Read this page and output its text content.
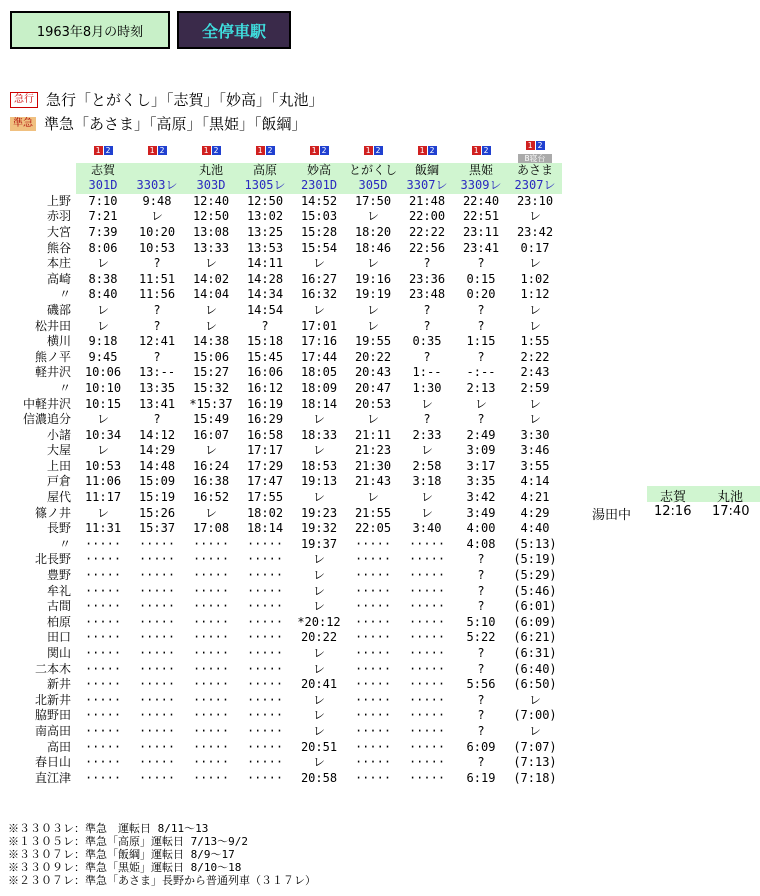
1963年8月の時刻	全停車駅
急行 急行「とがくし」「志賀」「妙高」「丸池」
準急 準急「あさま」「高原」「黒姫」「飯綱」
	1 2	1 2	1 2	1 2	1 2	1 2	1 2	1 2	1 2
B寝台

	志賀		丸池	高原	妙高	とがくし	飯綱	黒姫	あさま
	301D	3303レ	303D	1305レ	2301D	305D	3307レ	3309レ	2307レ
上野	7:10	9:48	12:40	12:50	14:52	17:50	21:48	22:40	23:10
赤羽	7:21	レ	12:50	13:02	15:03	レ	22:00	22:51	レ
大宮	7:39	10:20	13:08	13:25	15:28	18:20	22:22	23:11	23:42
熊谷	8:06	10:53	13:33	13:53	15:54	18:46	22:56	23:41	0:17
本庄	レ	?	レ	14:11	レ	レ	?	?	レ
高崎	8:38	11:51	14:02	14:28	16:27	19:16	23:36	0:15	1:02
〃	8:40	11:56	14:04	14:34	16:32	19:19	23:48	0:20	1:12
磯部	レ	?	レ	14:54	レ	レ	?	?	レ
松井田	レ	?	レ	?	17:01	レ	?	?	レ
横川	9:18	12:41	14:38	15:18	17:16	19:55	0:35	1:15	1:55
熊ノ平	9:45	?	15:06	15:45	17:44	20:22	?	?	2:22
軽井沢	10:06	13:--	15:27	16:06	18:05	20:43	1:--	-:--	2:43
〃	10:10	13:35	15:32	16:12	18:09	20:47	1:30	2:13	2:59
中軽井沢	10:15	13:41	*15:37	16:19	18:14	20:53	レ	レ	レ
信濃追分	レ	?	15:49	16:29	レ	レ	?	?	レ
小諸	10:34	14:12	16:07	16:58	18:33	21:11	2:33	2:49	3:30
大屋	レ	14:29	レ	17:17	レ	21:23	レ	3:09	3:46
上田	10:53	14:48	16:24	17:29	18:53	21:30	2:58	3:17	3:55
戸倉	11:06	15:09	16:38	17:47	19:13	21:43	3:18	3:35	4:14
屋代	11:17	15:19	16:52	17:55	レ	レ	レ	3:42	4:21
篠ノ井	レ	15:26	レ	18:02	19:23	21:55	レ	3:49	4:29
長野	11:31	15:37	17:08	18:14	19:32	22:05	3:40	4:00	4:40
〃	·····	·····	·····	·····	19:37	·····	·····	4:08	(5:13)
北長野	·····	·····	·····	·····	レ	·····	·····	?	(5:19)
豊野	·····	·····	·····	·····	レ	·····	·····	?	(5:29)
牟礼	·····	·····	·····	·····	レ	·····	·····	?	(5:46)
古間	·····	·····	·····	·····	レ	·····	·····	?	(6:01)
柏原	·····	·····	·····	·····	*20:12	·····	·····	5:10	(6:09)
田口	·····	·····	·····	·····	20:22	·····	·····	5:22	(6:21)
関山	·····	·····	·····	·····	レ	·····	·····	?	(6:31)
二本木	·····	·····	·····	·····	レ	·····	·····	?	(6:40)
新井	·····	·····	·····	·····	20:41	·····	·····	5:56	(6:50)
北新井	·····	·····	·····	·····	レ	·····	·····	?	レ
脇野田	·····	·····	·····	·····	レ	·····	·····	?	(7:00)
南高田	·····	·····	·····	·····	レ	·····	·····	?	レ
高田	·····	·····	·····	·····	20:51	·····	·····	6:09	(7:07)
春日山	·····	·····	·····	·····	レ	·····	·····	?	(7:13)
直江津	·····	·····	·····	·····	20:58	·····	·····	6:19	(7:18)
志賀 丸池
湯田中 12:16 17:40
※３３０３レ：準急　運転日 8/11～13
※１３０５レ：準急「高原」運転日 7/13～9/2
※３３０７レ：準急「飯綱」運転日 8/9～17
※３３０９レ：準急「黒姫」運転日 8/10～18
※２３０７レ：準急「あさま」長野から普通列車（３１７レ）
